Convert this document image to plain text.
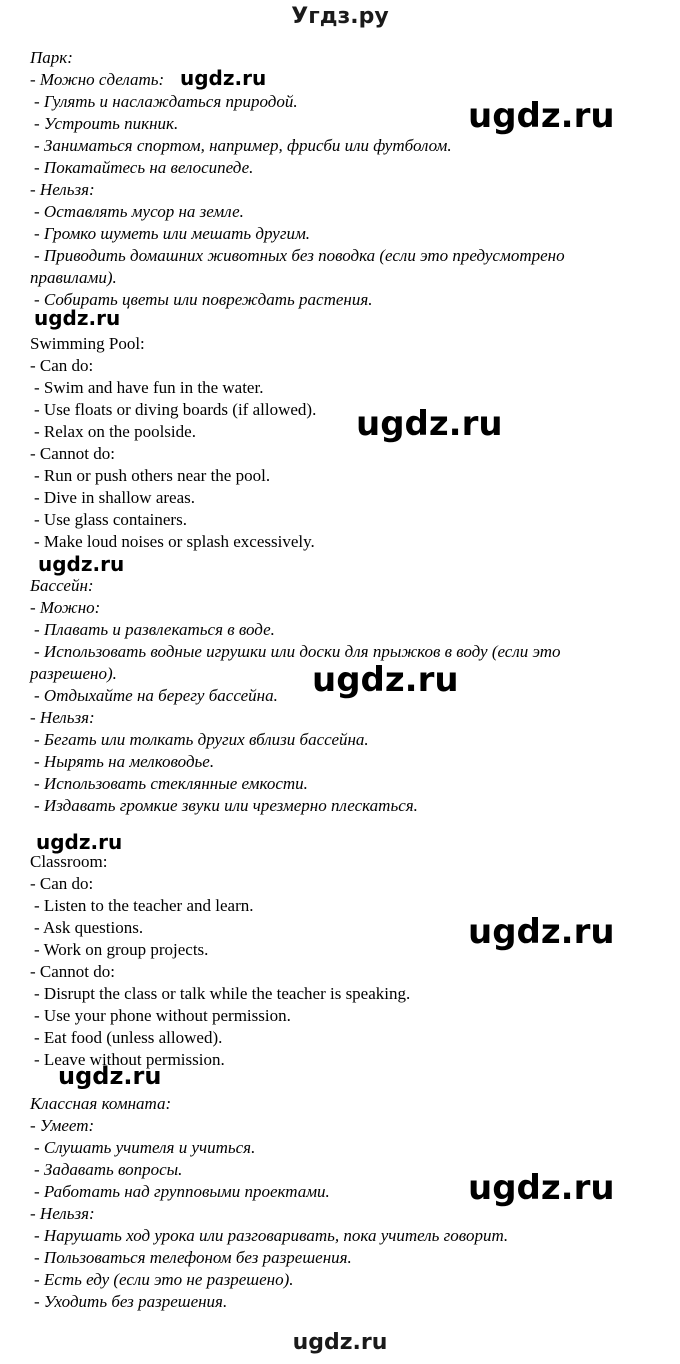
Угдз.ру
Парк:
- Можно сделать:
- Гулять и наслаждаться природой.
- Устроить пикник.
- Заниматься спортом, например, фрисби или футболом.
- Покатайтесь на велосипеде.
- Нельзя:
- Оставлять мусор на земле.
- Громко шуметь или мешать другим.
- Приводить домашних животных без поводка (если это предусмотрено
правилами).
- Собирать цветы или повреждать растения.
Swimming Pool:
- Can do:
- Swim and have fun in the water.
- Use floats or diving boards (if allowed).
- Relax on the poolside.
- Cannot do:
- Run or push others near the pool.
- Dive in shallow areas.
- Use glass containers.
- Make loud noises or splash excessively.
Бассейн:
- Можно:
- Плавать и развлекаться в воде.
- Использовать водные игрушки или доски для прыжков в воду (если это
разрешено).
- Отдыхайте на берегу бассейна.
- Нельзя:
- Бегать или толкать других вблизи бассейна.
- Нырять на мелководье.
- Использовать стеклянные емкости.
- Издавать громкие звуки или чрезмерно плескаться.
Classroom:
- Can do:
- Listen to the teacher and learn.
- Ask questions.
- Work on group projects.
- Cannot do:
- Disrupt the class or talk while the teacher is speaking.
- Use your phone without permission.
- Eat food (unless allowed).
- Leave without permission.
Классная комната:
- Умеет:
- Слушать учителя и учиться.
- Задавать вопросы.
- Работать над групповыми проектами.
- Нельзя:
- Нарушать ход урока или разговаривать, пока учитель говорит.
- Пользоваться телефоном без разрешения.
- Есть еду (если это не разрешено).
- Уходить без разрешения.
ugdz.ru
ugdz.ru
ugdz.ru
ugdz.ru
ugdz.ru
ugdz.ru
ugdz.ru
ugdz.ru
ugdz.ru
ugdz.ru
ugdz.ru
